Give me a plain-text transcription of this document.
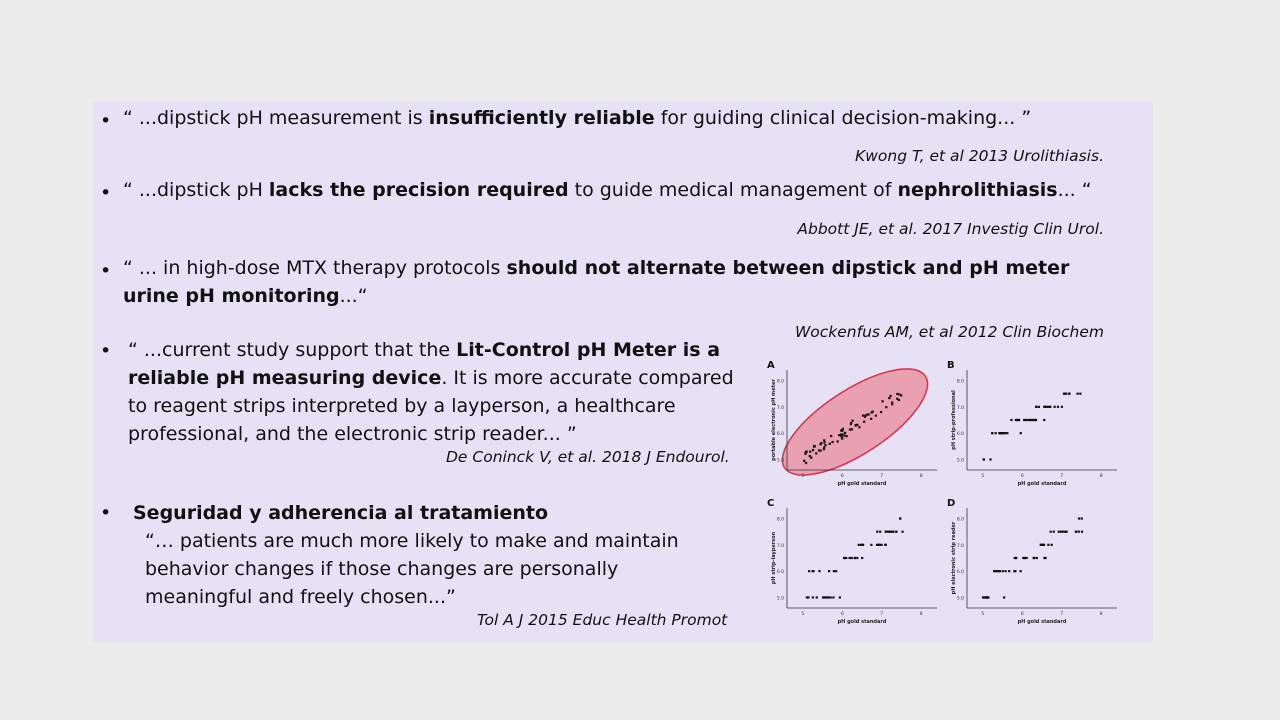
• “ ...dipstick pH measurement is insufficiently reliable for guiding clinical decision-making... ”
Kwong T, et al 2013 Urolithiasis.
• “ ...dipstick pH lacks the precision required to guide medical management of nephrolithiasis... “
Abbott JE, et al. 2017 Investig Clin Urol.
• “ ... in high-dose MTX therapy protocols should not alternate between dipstick and pH meter
urine pH monitoring...“
Wockenfus AM, et al 2012 Clin Biochem
• “ ...current study support that the Lit-Control pH Meter is a
reliable pH measuring device. It is more accurate compared
to reagent strips interpreted by a layperson, a healthcare
professional, and the electronic strip reader... ”
De Coninck V, et al. 2018 J Endourol.
• Seguridad y adherencia al tratamiento
“… patients are much more likely to make and maintain
behavior changes if those changes are personally
meaningful and freely chosen...”
Tol A J 2015 Educ Health Promot
A
8.0
7.0
6.0
5.0
5	6	7	8
pH gold standard
portable electronic pH meter
B
8.0
7.0
6.0
5.0
5	6	7	8
pH gold standard
pH strip-professional
C
8.0
7.0
6.0
5.0
5	6	7	8
pH gold standard
pH strip-layperson
D
8.0
7.0
6.0
5.0
5	6	7	8
pH gold standard
pH electronic strip reader
